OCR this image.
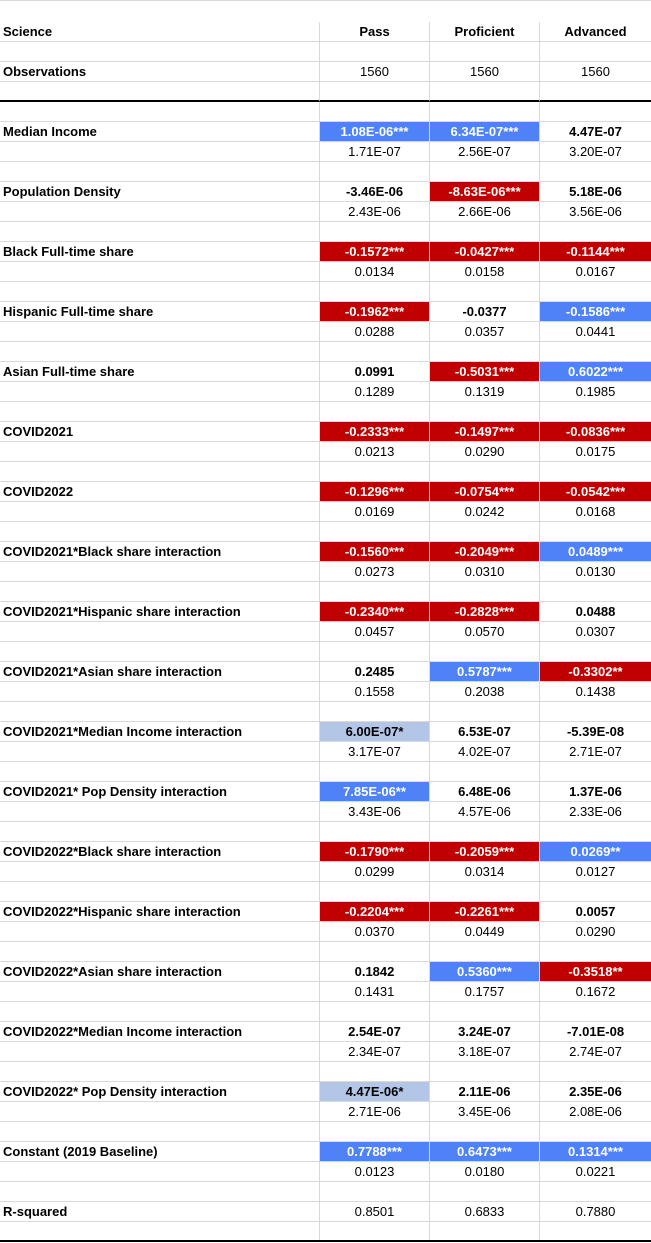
Science	Pass	Proficient	Advanced
Observations	1560	1560	1560
Median Income	1.08E-06***	6.34E-07***	4.47E-07
1.71E-07	2.56E-07	3.20E-07
Population Density	-3.46E-06	-8.63E-06***	5.18E-06
2.43E-06	2.66E-06	3.56E-06
Black Full-time share	-0.1572***	-0.0427***	-0.1144***
0.0134	0.0158	0.0167
Hispanic Full-time share	-0.1962***	-0.0377	-0.1586***
0.0288	0.0357	0.0441
Asian Full-time share	0.0991	-0.5031***	0.6022***
0.1289	0.1319	0.1985
COVID2021	-0.2333***	-0.1497***	-0.0836***
0.0213	0.0290	0.0175
COVID2022	-0.1296***	-0.0754***	-0.0542***
0.0169	0.0242	0.0168
COVID2021*Black share interaction	-0.1560***	-0.2049***	0.0489***
0.0273	0.0310	0.0130
COVID2021*Hispanic share interaction	-0.2340***	-0.2828***	0.0488
0.0457	0.0570	0.0307
COVID2021*Asian share interaction	0.2485	0.5787***	-0.3302**
0.1558	0.2038	0.1438
COVID2021*Median Income interaction	6.00E-07*	6.53E-07	-5.39E-08
3.17E-07	4.02E-07	2.71E-07
COVID2021* Pop Density interaction	7.85E-06**	6.48E-06	1.37E-06
3.43E-06	4.57E-06	2.33E-06
COVID2022*Black share interaction	-0.1790***	-0.2059***	0.0269**
0.0299	0.0314	0.0127
COVID2022*Hispanic share interaction	-0.2204***	-0.2261***	0.0057
0.0370	0.0449	0.0290
COVID2022*Asian share interaction	0.1842	0.5360***	-0.3518**
0.1431	0.1757	0.1672
COVID2022*Median Income interaction	2.54E-07	3.24E-07	-7.01E-08
2.34E-07	3.18E-07	2.74E-07
COVID2022* Pop Density interaction	4.47E-06*	2.11E-06	2.35E-06
2.71E-06	3.45E-06	2.08E-06
Constant (2019 Baseline)	0.7788***	0.6473***	0.1314***
0.0123	0.0180	0.0221
R-squared	0.8501	0.6833	0.7880
